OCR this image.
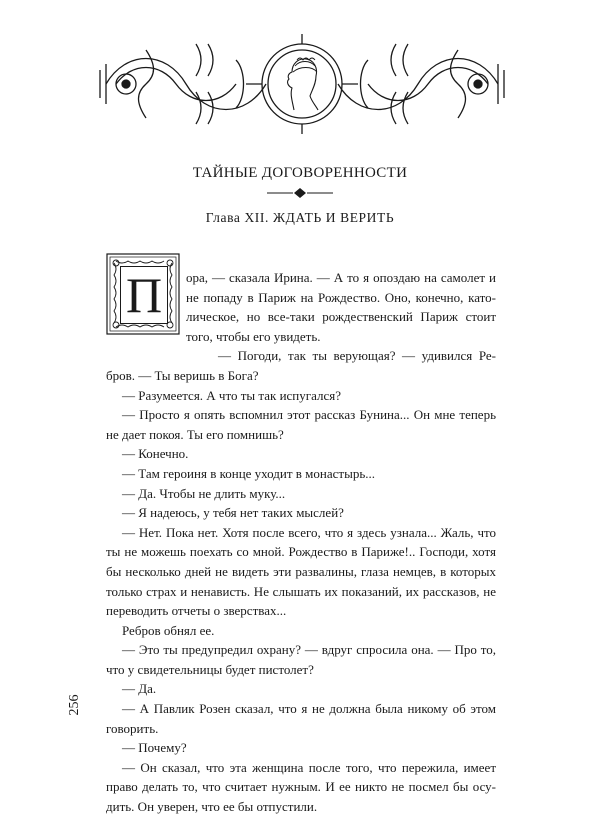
ТАЙНЫЕ ДОГОВОРЕННОСТИ
Глава XII. ЖДАТЬ И ВЕРИТЬ
П	ора, — сказала Ирина. — А то я опоздаю на самолет и
не попаду в Париж на Рождество. Оно, конечно, като-
лическое, но все-таки рождественский Париж стоит
того, чтобы его увидеть.
— Погоди, так ты верующая? — удивился Ре-
бров. — Ты веришь в Бога?
— Разумеется. А что ты так испугался?
— Просто я опять вспомнил этот рассказ Бунина... Он мне теперь
не дает покоя. Ты его помнишь?
— Конечно.
— Там героиня в конце уходит в монастырь...
— Да. Чтобы не длить муку...
— Я надеюсь, у тебя нет таких мыслей?
— Нет. Пока нет. Хотя после всего, что я здесь узнала... Жаль, что
ты не можешь поехать со мной. Рождество в Париже!.. Господи, хотя
бы несколько дней не видеть эти развалины, глаза немцев, в которых
только страх и ненависть. Не слышать их показаний, их рассказов, не
переводить отчеты о зверствах...
Ребров обнял ее.
— Это ты предупредил охрану? — вдруг спросила она. — Про то,
что у свидетельницы будет пистолет?
— Да.
— А Павлик Розен сказал, что я не должна была никому об этом
говорить.
— Почему?
— Он сказал, что эта женщина после того, что пережила, имеет
право делать то, что считает нужным. И ее никто не посмел бы осу-
дить. Он уверен, что ее бы отпустили.
256
